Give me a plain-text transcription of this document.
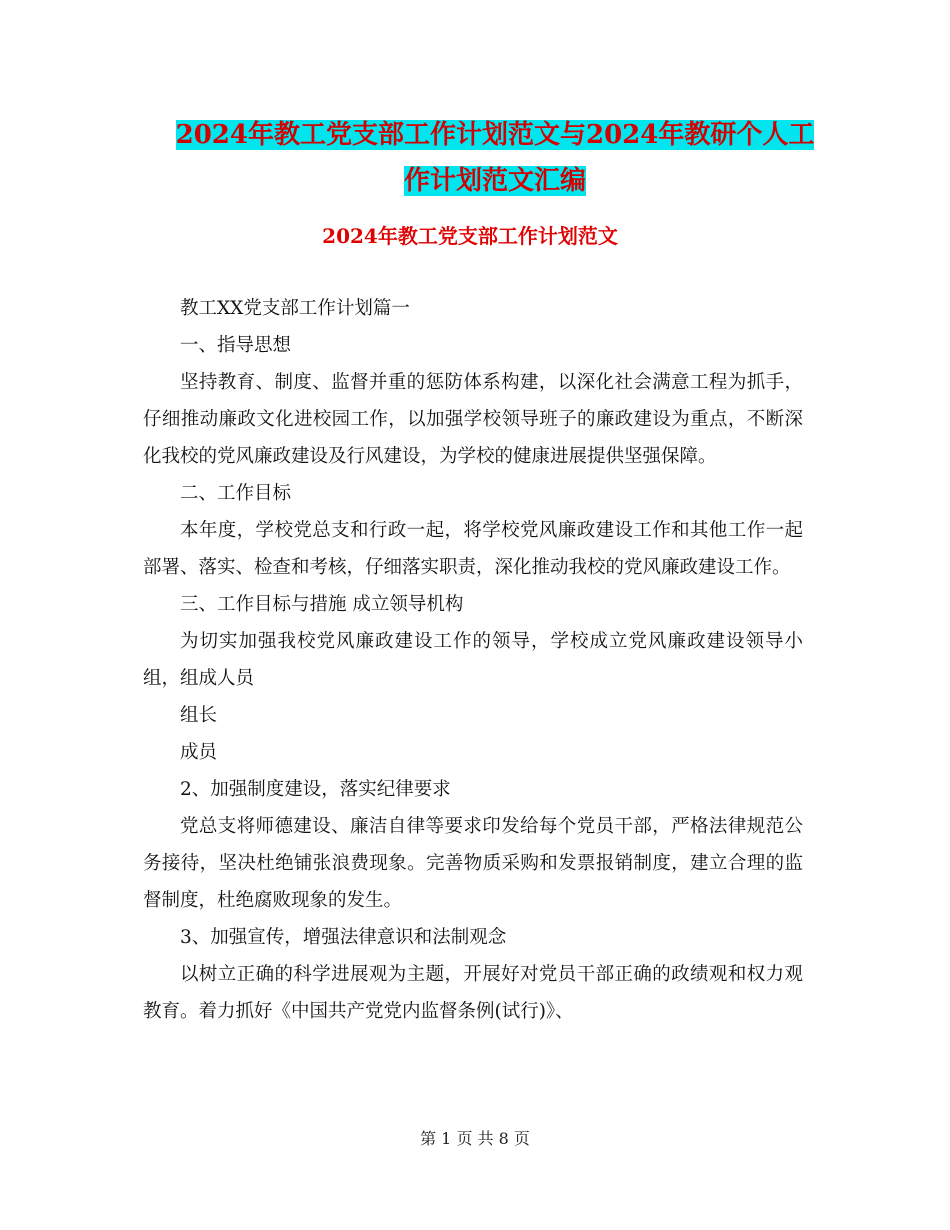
2024年教工党支部工作计划范文与2024年教研个人工
作计划范文汇编
2024年教工党支部工作计划范文

教工XX党支部工作计划篇一

一、指导思想

坚持教育、制度、监督并重的惩防体系构建，以深化社会满意工程为抓手，仔细推动廉政文化进校园工作，以加强学校领导班子的廉政建设为重点，不断深化我校的党风廉政建设及行风建设，为学校的健康进展提供坚强保障。

二、工作目标

本年度，学校党总支和行政一起，将学校党风廉政建设工作和其他工作一起部署、落实、检查和考核，仔细落实职责，深化推动我校的党风廉政建设工作。

三、工作目标与措施 成立领导机构

为切实加强我校党风廉政建设工作的领导，学校成立党风廉政建设领导小组，组成人员

组长

成员

2、加强制度建设，落实纪律要求

党总支将师德建设、廉洁自律等要求印发给每个党员干部，严格法律规范公务接待，坚决杜绝铺张浪费现象。完善物质采购和发票报销制度，建立合理的监督制度，杜绝腐败现象的发生。

3、加强宣传，增强法律意识和法制观念

以树立正确的科学进展观为主题，开展好对党员干部正确的政绩观和权力观教育。着力抓好《中国共产党党内监督条例(试行)》、

第 1 页 共 8 页
